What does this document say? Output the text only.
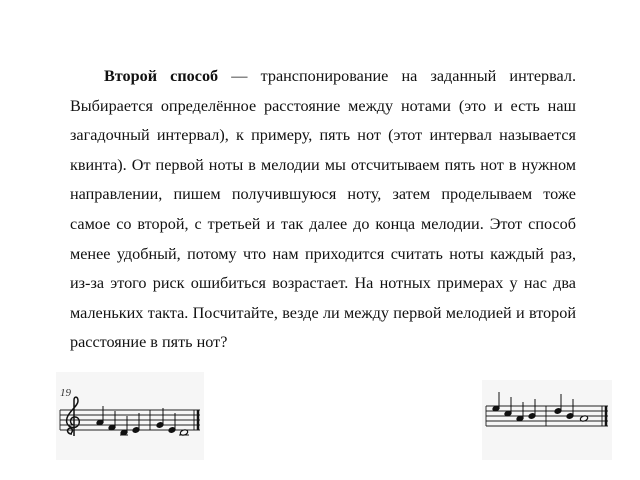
Второй способ — транспонирование на заданный интервал. Выбирается определённое расстояние между нотами (это и есть наш загадочный интервал), к примеру, пять нот (этот интервал называется квинта). От первой ноты в мелодии мы отсчитываем пять нот в нужном направлении, пишем получившуюся ноту, затем проделываем тоже самое со второй, с третьей и так далее до конца мелодии. Этот способ менее удобный, потому что нам приходится считать ноты каждый раз, из-за этого риск ошибиться возрастает. На нотных примерах у нас два маленьких такта. Посчитайте, везде ли между первой мелодией и второй расстояние в пять нот?

19
